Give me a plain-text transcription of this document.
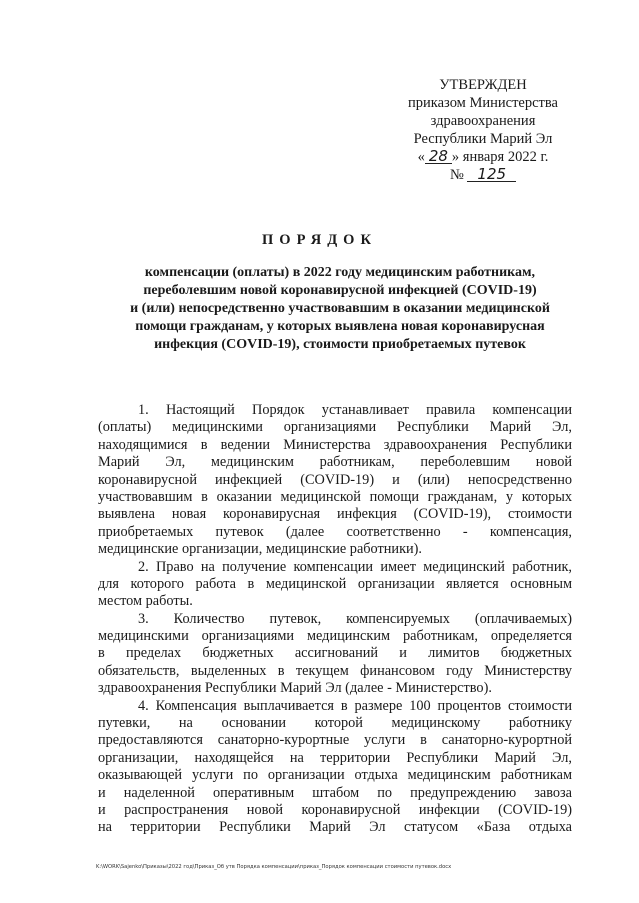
УТВЕРЖДЕН
приказом Министерства
здравоохранения
Республики Марий Эл
« 28 » января 2022 г.
№ 125
ПОРЯДОК
компенсации (оплаты) в 2022 году медицинским работникам,
переболевшим новой коронавирусной инфекцией (COVID-19)
и (или) непосредственно участвовавшим в оказании медицинской
помощи гражданам, у которых выявлена новая коронавирусная
инфекция (COVID-19), стоимости приобретаемых путевок
1. Настоящий Порядок устанавливает правила компенсации
(оплаты) медицинскими организациями Республики Марий Эл,
находящимися в ведении Министерства здравоохранения Республики
Марий Эл, медицинским работникам, переболевшим новой
коронавирусной инфекцией (COVID-19) и (или) непосредственно
участвовавшим в оказании медицинской помощи гражданам, у которых
выявлена новая коронавирусная инфекция (COVID-19), стоимости
приобретаемых путевок (далее соответственно - компенсация,
медицинские организации, медицинские работники).
2. Право на получение компенсации имеет медицинский работник,
для которого работа в медицинской организации является основным
местом работы.
3. Количество путевок, компенсируемых (оплачиваемых)
медицинскими организациями медицинским работникам, определяется
в пределах бюджетных ассигнований и лимитов бюджетных
обязательств, выделенных в текущем финансовом году Министерству
здравоохранения Республики Марий Эл (далее - Министерство).
4. Компенсация выплачивается в размере 100 процентов стоимости
путевки, на основании которой медицинскому работнику
предоставляются санаторно-курортные услуги в санаторно-курортной
организации, находящейся на территории Республики Марий Эл,
оказывающей услуги по организации отдыха медицинским работникам
и наделенной оперативным штабом по предупреждению завоза
и распространения новой коронавирусной инфекции (COVID-19)
на территории Республики Марий Эл статусом «База отдыха
K:\WORK\Sajenko\Приказы\2022 год\Приказ_Об утв Порядка компенсации\приказ_Порядок компенсации стоимости путевок.docx
